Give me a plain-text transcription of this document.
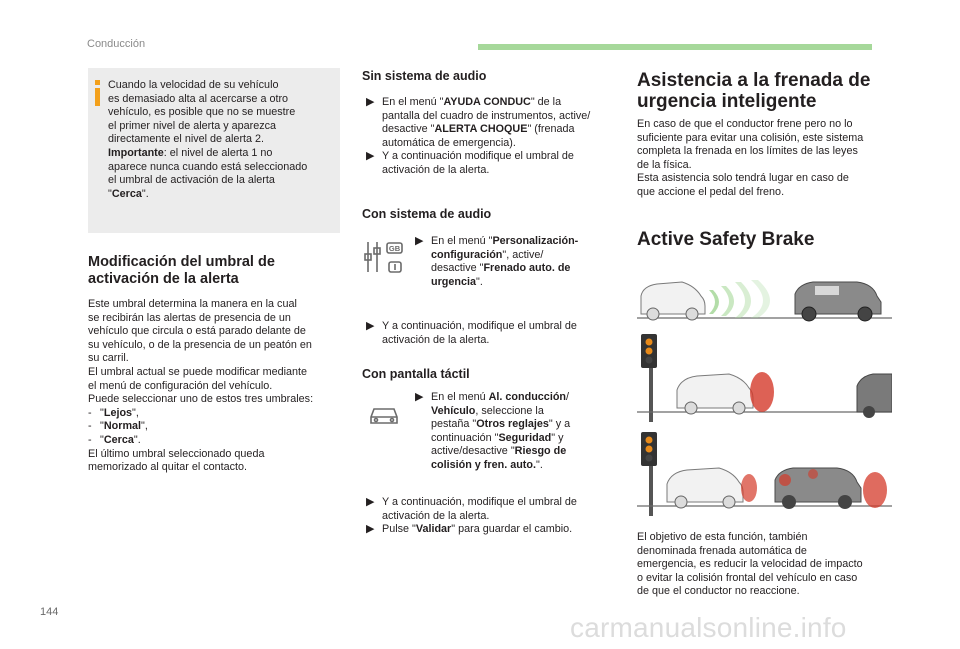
Conducción
Cuando la velocidad de su vehículo
es demasiado alta al acercarse a otro
vehículo, es posible que no se muestre
el primer nivel de alerta y aparezca
directamente el nivel de alerta 2.
Importante: el nivel de alerta 1 no
aparece nunca cuando está seleccionado
el umbral de activación de la alerta
"Cerca".
Modificación del umbral de
activación de la alerta
Este umbral determina la manera en la cual
se recibirán las alertas de presencia de un
vehículo que circula o está parado delante de
su vehículo, o de la presencia de un peatón en
su carril.
El umbral actual se puede modificar mediante
el menú de configuración del vehículo.
Puede seleccionar uno de estos tres umbrales:
- "Lejos",
- "Normal",
- "Cerca".
El último umbral seleccionado queda
memorizado al quitar el contacto.
Sin sistema de audio
▶ En el menú "AYUDA CONDUC" de la
pantalla del cuadro de instrumentos, active/
desactive "ALERTA CHOQUE" (frenada
automática de emergencia).
▶ Y a continuación modifique el umbral de
activación de la alerta.
Con sistema de audio
GB
▶ En el menú "Personalización-
configuración", active/
desactive "Frenado auto. de
urgencia".
▶ Y a continuación, modifique el umbral de
activación de la alerta.
Con pantalla táctil
▶ En el menú Al. conducción/
Vehículo, seleccione la
pestaña "Otros reglajes" y a
continuación "Seguridad" y
active/desactive "Riesgo de
colisión y fren. auto.".
▶ Y a continuación, modifique el umbral de
activación de la alerta.
▶ Pulse "Validar" para guardar el cambio.
Asistencia a la frenada de
urgencia inteligente
En caso de que el conductor frene pero no lo
suficiente para evitar una colisión, este sistema
completa la frenada en los límites de las leyes
de la física.
Esta asistencia solo tendrá lugar en caso de
que accione el pedal del freno.
Active Safety Brake
El objetivo de esta función, también
denominada frenada automática de
emergencia, es reducir la velocidad de impacto
o evitar la colisión frontal del vehículo en caso
de que el conductor no reaccione.
144	carmanualsonline.info
